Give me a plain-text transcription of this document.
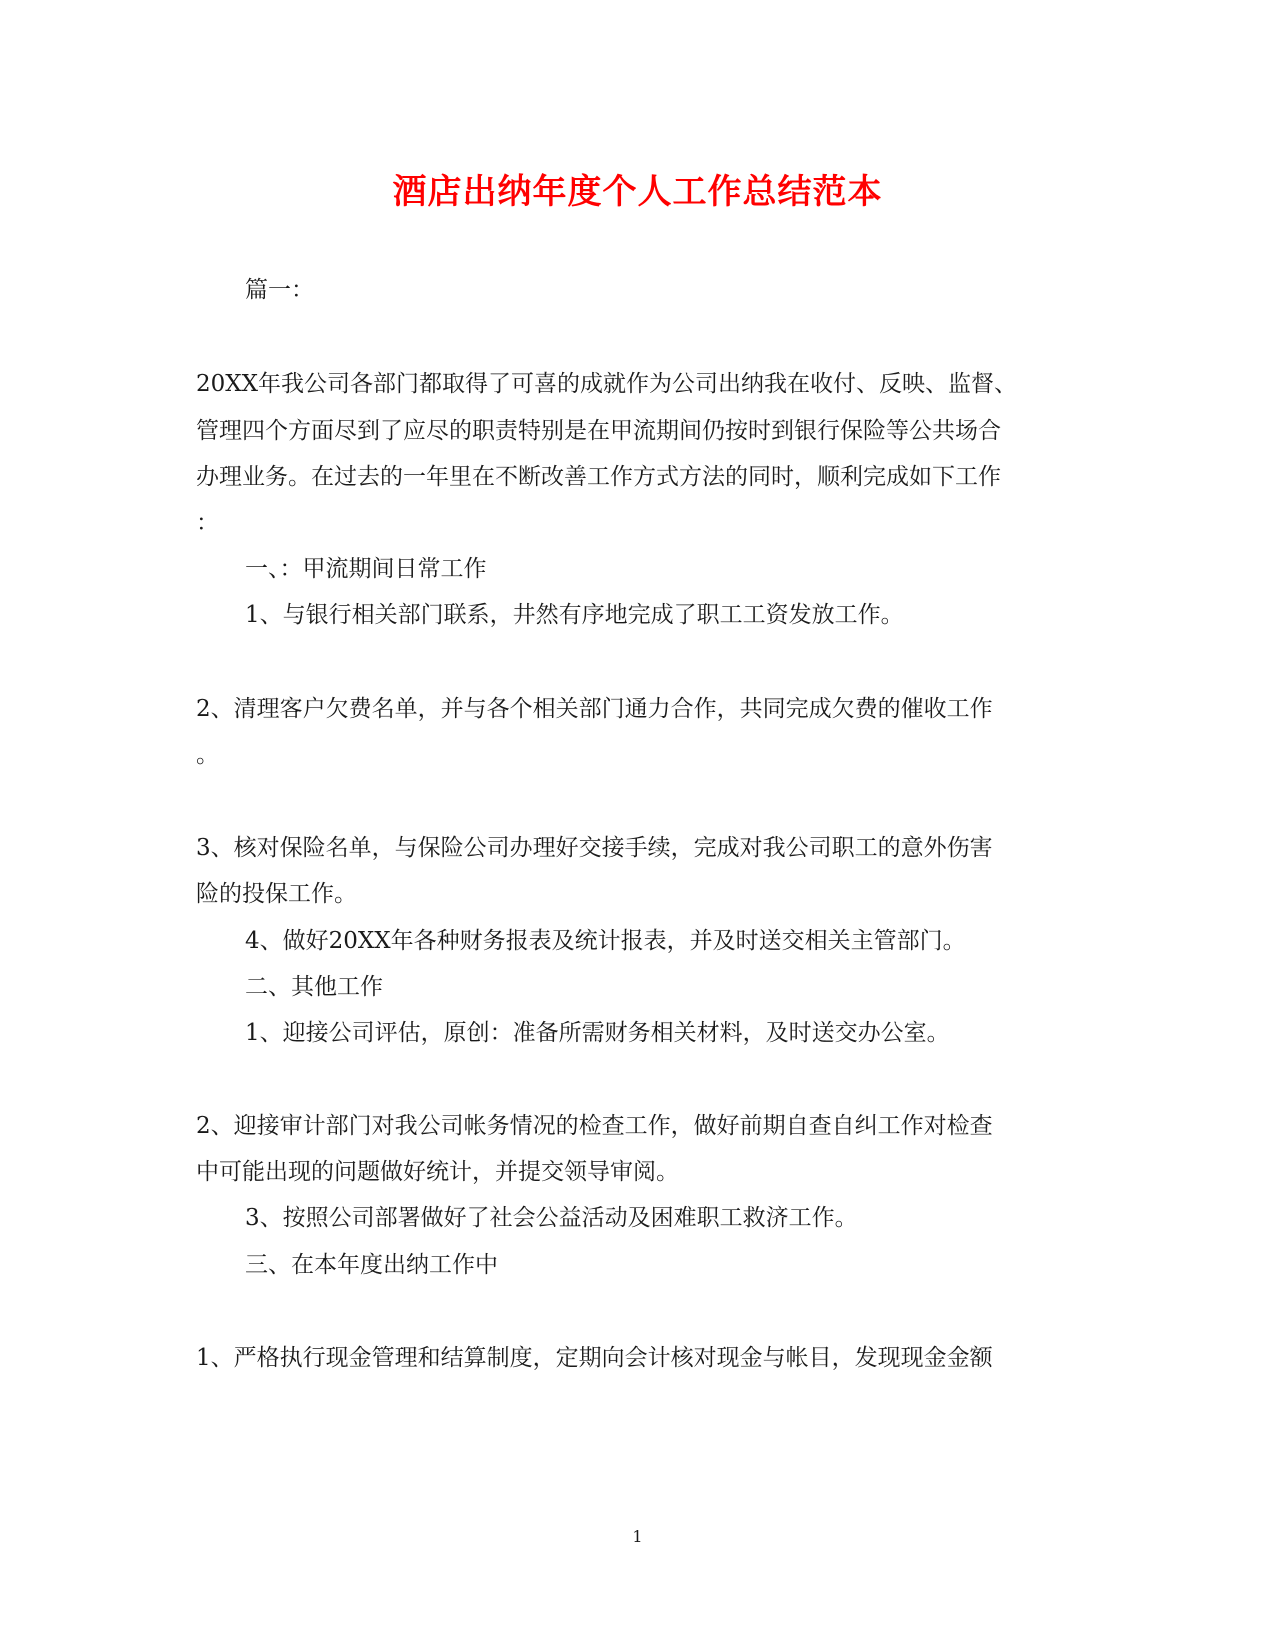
酒店出纳年度个人工作总结范本
篇一：
20XX年我公司各部门都取得了可喜的成就作为公司出纳我在收付、反映、监督、
管理四个方面尽到了应尽的职责特别是在甲流期间仍按时到银行保险等公共场合
办理业务。在过去的一年里在不断改善工作方式方法的同时，顺利完成如下工作
：
一、：甲流期间日常工作
1、与银行相关部门联系，井然有序地完成了职工工资发放工作。
2、清理客户欠费名单，并与各个相关部门通力合作，共同完成欠费的催收工作
。
3、核对保险名单，与保险公司办理好交接手续，完成对我公司职工的意外伤害
险的投保工作。
4、做好20XX年各种财务报表及统计报表，并及时送交相关主管部门。
二、其他工作
1、迎接公司评估，原创：准备所需财务相关材料，及时送交办公室。
2、迎接审计部门对我公司帐务情况的检查工作，做好前期自查自纠工作对检查
中可能出现的问题做好统计，并提交领导审阅。
3、按照公司部署做好了社会公益活动及困难职工救济工作。
三、在本年度出纳工作中
1、严格执行现金管理和结算制度，定期向会计核对现金与帐目，发现现金金额
1
